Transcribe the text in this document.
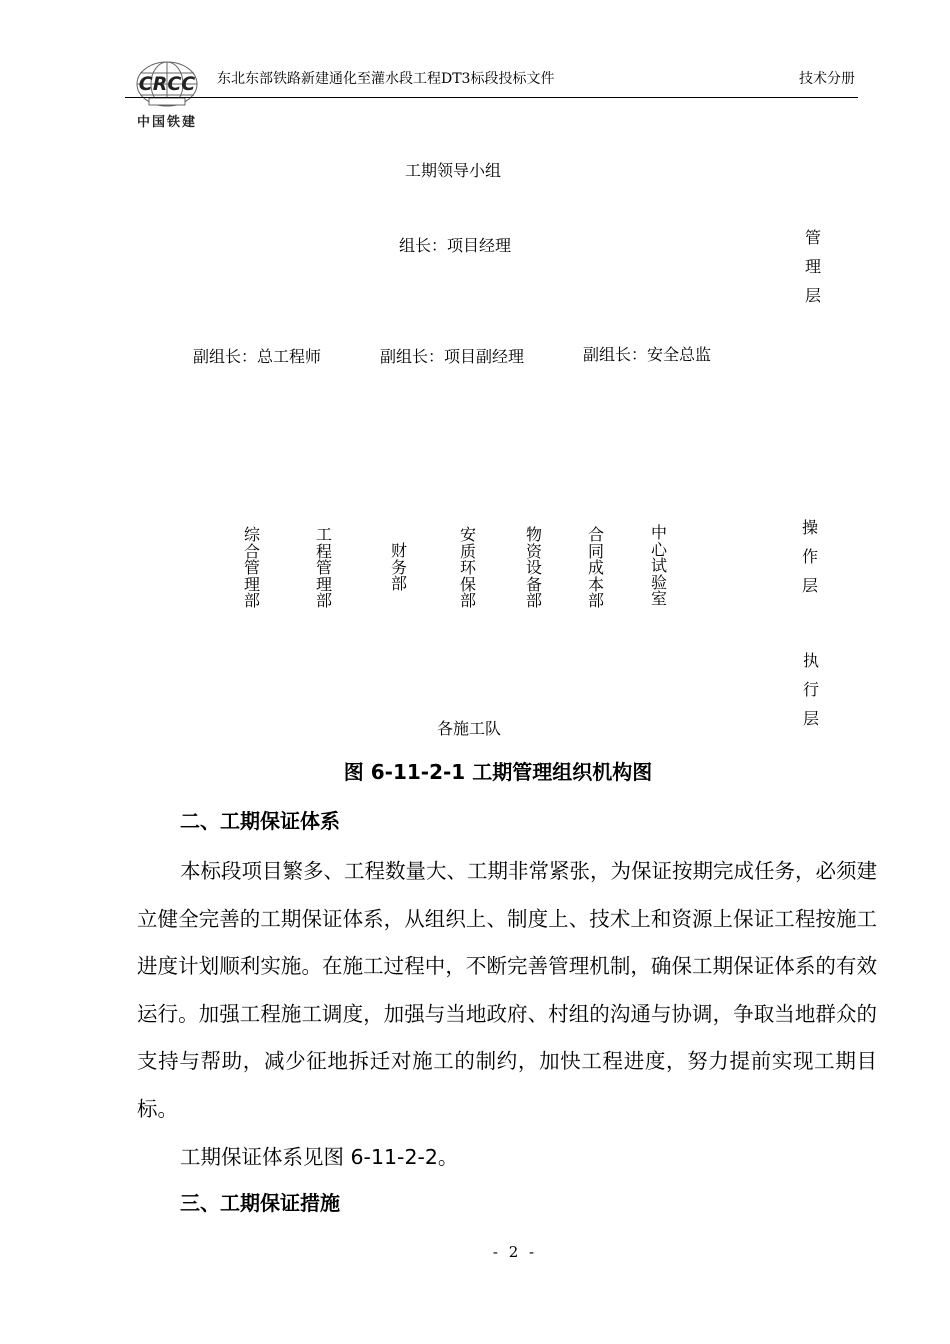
CRCC
中国铁建
东北东部铁路新建通化至灌水段工程DT3标段投标文件	技术分册
工期领导小组
组长：项目经理
副组长：总工程师	副组长：项目副经理	副组长：安全总监
综合管理部
工程管理部
财务部
安质环保部
物资设备部
合同成本部
中心试验室
各施工队
管理层
操作层
执行层
图 6-11-2-1 工期管理组织机构图
二、工期保证体系
本标段项目繁多、工程数量大、工期非常紧张，为保证按期完成任务，必须建立健全完善的工期保证体系，从组织上、制度上、技术上和资源上保证工程按施工进度计划顺利实施。在施工过程中，不断完善管理机制，确保工期保证体系的有效运行。加强工程施工调度，加强与当地政府、村组的沟通与协调，争取当地群众的支持与帮助，减少征地拆迁对施工的制约，加快工程进度，努力提前实现工期目标。
工期保证体系见图 6-11-2-2。
三、工期保证措施
- 2 -
